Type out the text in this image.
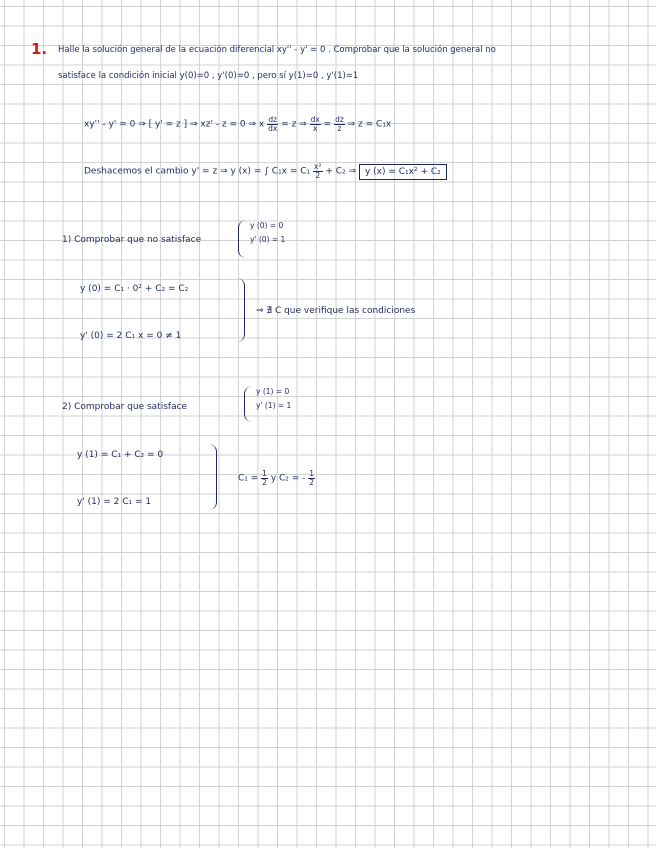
1. Halle la solución general de la ecuación diferencial xy'' - y' = 0 . Comprobar que la solución general no
satisface la condición inicial y(0)=0 , y'(0)=0 , pero sí y(1)=0 , y'(1)=1
xy'' - y' = 0 ⇒ [ y' = z ] ⇒ xz' - z = 0 ⇒ x $\frac{dz}{dx} = z$ ⇒ $\frac{dx}{x} = \frac{dz}{z}$ ⇒ z = C₁x
Deshacemos el cambio y' = z ⇒ y (x) = ∫ $C_1x = C_1 \frac{\text{x²}}{2} + C_2$ ⇒ y (x) = C₁x² + C₂
1) Comprobar que no satisface
y (0) = 0
y' (0) = 1
y (0) = C₁ · 0² + C₂ = C₂
y' (0) = 2 C₁ x = 0 ≠ 1
⇒ ∄ C que verifique las condiciones
2) Comprobar que satisface
y (1) = 0
y' (1) = 1
y (1) = C₁ + C₂ = 0
y' (1) = 2 C₁ = 1
$C_1 = \frac{1}{2}$ y C₂ = - $\frac{1}{2}$
